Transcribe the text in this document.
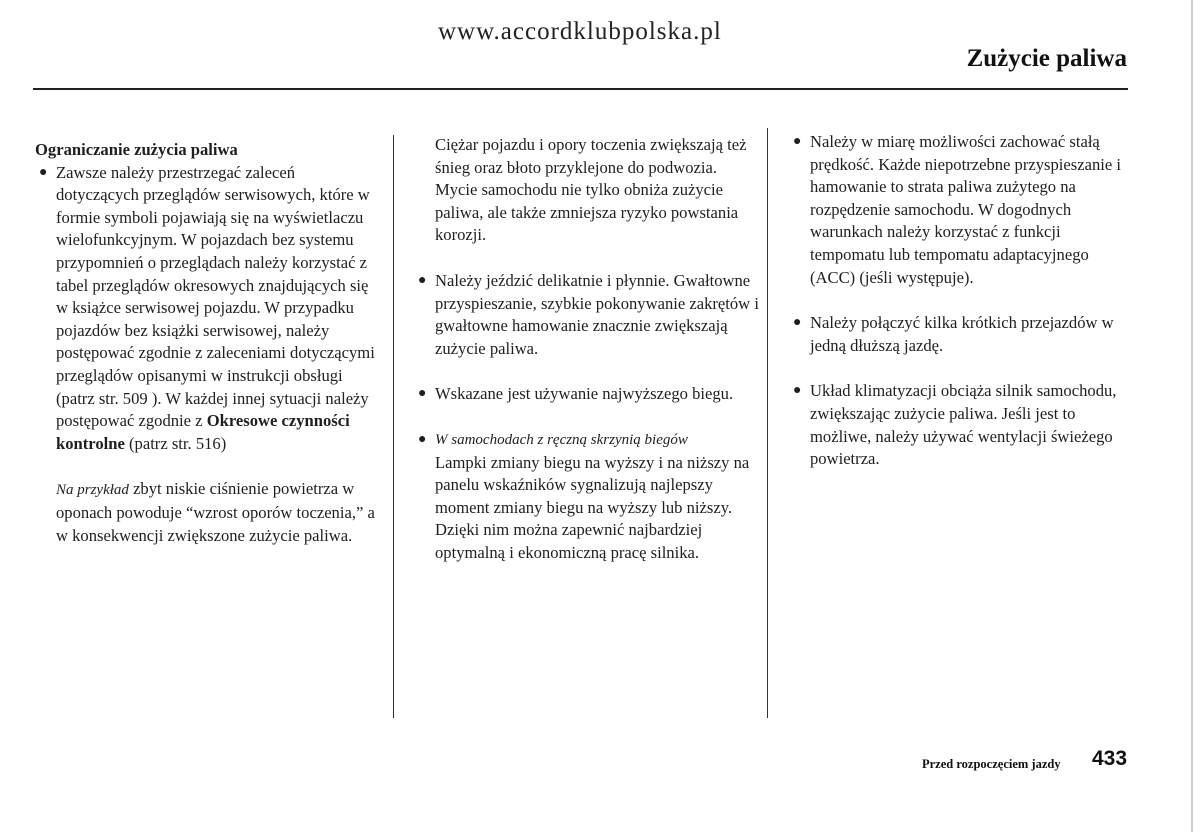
www.accordklubpolska.pl
Zużycie paliwa
Ograniczanie zużycia paliwa
● Zawsze należy przestrzegać zaleceń dotyczących przeglądów serwisowych, które w formie symboli pojawiają się na wyświetlaczu wielofunkcyjnym. W pojazdach bez systemu przypomnień o przeglądach należy korzystać z tabel przeglądów okresowych znajdujących się w książce serwisowej pojazdu. W przypadku pojazdów bez książki serwisowej, należy postępować zgodnie z zaleceniami dotyczącymi przeglądów opisanymi w instrukcji obsługi (patrz str. 509 ). W każdej innej sytuacji należy postępować zgodnie z Okresowe czynności kontrolne (patrz str. 516)

Na przykład zbyt niskie ciśnienie powietrza w oponach powoduje “wzrost oporów toczenia,” a w konsekwencji zwiększone zużycie paliwa.

Ciężar pojazdu i opory toczenia zwiększają też śnieg oraz błoto przyklejone do podwozia. Mycie samochodu nie tylko obniża zużycie paliwa, ale także zmniejsza ryzyko powstania korozji.

● Należy jeździć delikatnie i płynnie. Gwałtowne przyspieszanie, szybkie pokonywanie zakrętów i gwałtowne hamowanie znacznie zwiększają zużycie paliwa.
● Wskazane jest używanie najwyższego biegu.
● W samochodach z ręczną skrzynią biegów
Lampki zmiany biegu na wyższy i na niższy na panelu wskaźników sygnalizują najlepszy moment zmiany biegu na wyższy lub niższy. Dzięki nim można zapewnić najbardziej optymalną i ekonomiczną pracę silnika.
● Należy w miarę możliwości zachować stałą prędkość. Każde niepotrzebne przyspieszanie i hamowanie to strata paliwa zużytego na rozpędzenie samochodu. W dogodnych warunkach należy korzystać z funkcji tempomatu lub tempomatu adaptacyjnego (ACC) (jeśli występuje).
● Należy połączyć kilka krótkich przejazdów w jedną dłuższą jazdę.
● Układ klimatyzacji obciąża silnik samochodu, zwiększając zużycie paliwa. Jeśli jest to możliwe, należy używać wentylacji świeżego powietrza.
Przed rozpoczęciem jazdy 433
